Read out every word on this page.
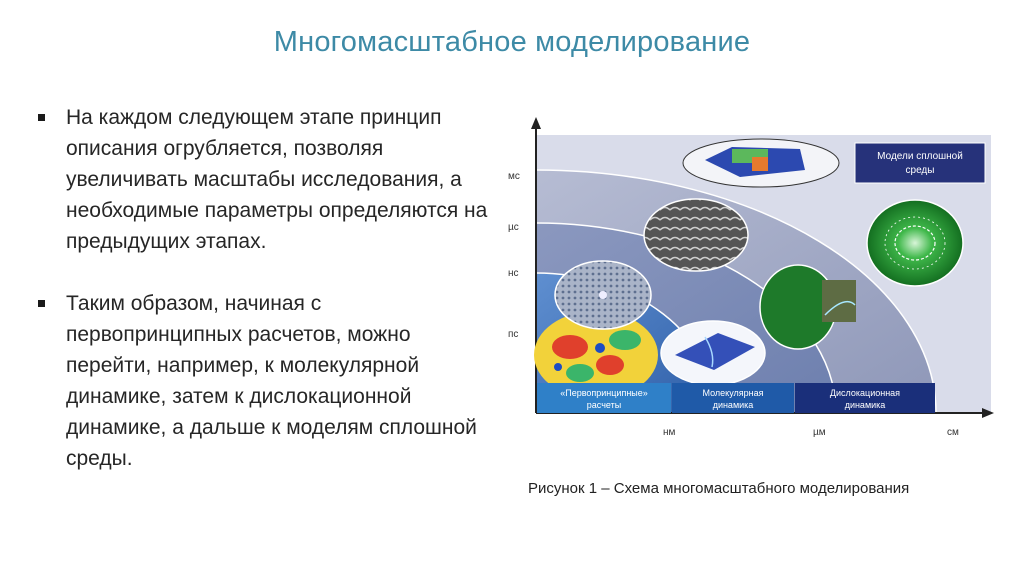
Многомасштабное моделирование
На каждом следующем этапе принцип описания огрубляется, позволяя увеличивать масштабы исследования, а необходимые параметры определяются на предыдущих этапах.
Таким образом, начиная с первопринципных расчетов, можно перейти, например, к молекулярной динамике, затем к дислокационной динамике, а дальше к моделям сплошной среды.
мс
µс
нс
пс
нм	µм	см
Модели сплошной
среды
«Первопринципные»
расчеты
Молекулярная
динамика
Дислокационная
динамика
Рисунок 1 – Схема многомасштабного моделирования
